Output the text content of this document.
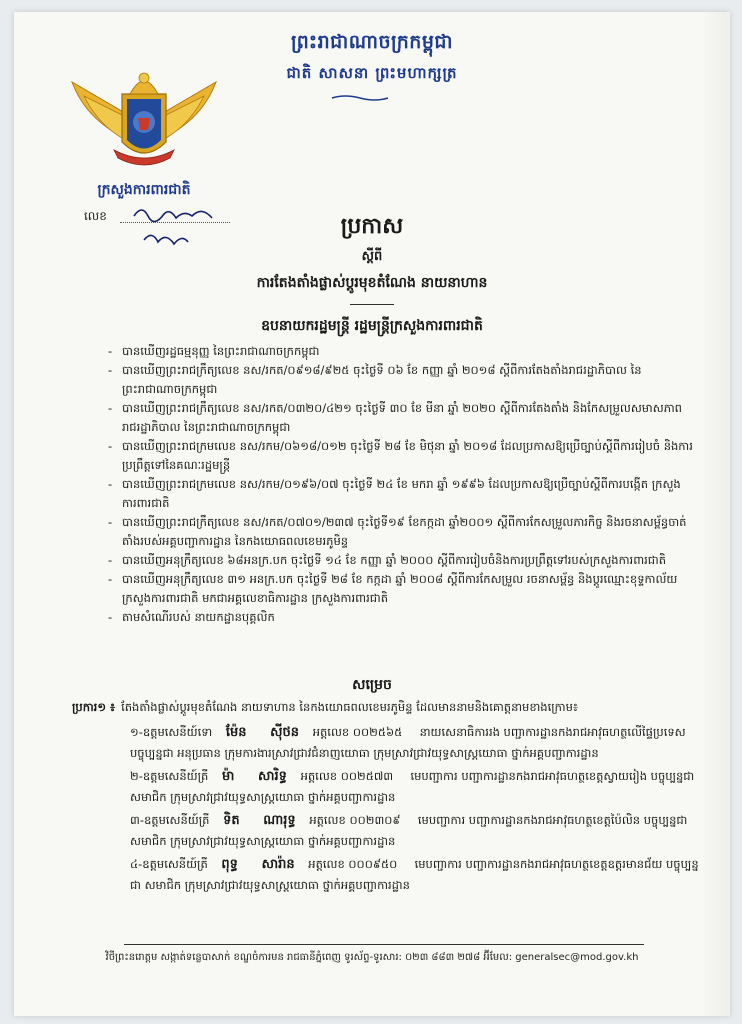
ព្រះរាជាណាចក្រកម្ពុជា
ជាតិ សាសនា ព្រះមហាក្សត្រ
ក្រសួងការពារជាតិ
លេខ	ប្រកាស
ស្តីពី
ការតែងតាំងផ្លាស់ប្តូរមុខតំណែង នាយនាហាន
ឧបនាយករដ្ឋមន្ត្រី រដ្ឋមន្ត្រីក្រសួងការពារជាតិ
- បានឃើញរដ្ឋធម្មនុញ្ញ នៃព្រះរាជាណាចក្រកម្ពុជា
- បានឃើញព្រះរាជក្រឹត្យលេខ នស/រកត/០៩១៨/៩២៥ ចុះថ្ងៃទី ០៦ ខែ កញ្ញា ឆ្នាំ ២០១៨ ស្តីពីការតែងតាំងរាជរដ្ឋាភិបាល នៃព្រះរាជាណាចក្រកម្ពុជា
- បានឃើញព្រះរាជក្រឹត្យលេខ នស/រកត/០៣២០/៤២១ ចុះថ្ងៃទី ៣០ ខែ មីនា ឆ្នាំ ២០២០ ស្តីពីការតែងតាំង និងកែសម្រួលសមាសភាពរាជរដ្ឋាភិបាល នៃព្រះរាជាណាចក្រកម្ពុជា
- បានឃើញព្រះរាជក្រមលេខ នស/រកម/០៦១៨/០១២ ចុះថ្ងៃទី ២៨ ខែ មិថុនា ឆ្នាំ ២០១៨ ដែលប្រកាសឱ្យប្រើច្បាប់ស្តីពីការរៀបចំ និងការប្រព្រឹត្តទៅនៃគណៈរដ្ឋមន្ត្រី
- បានឃើញព្រះរាជក្រមលេខ នស/រកម/០១៩៦/០៧ ចុះថ្ងៃទី ២៤ ខែ មករា ឆ្នាំ ១៩៩៦ ដែលប្រកាសឱ្យប្រើច្បាប់ស្តីពីការបង្កើត ក្រសួងការពារជាតិ
- បានឃើញព្រះរាជក្រឹត្យលេខ នស/រកត/០៧០១/២៣៧ ចុះថ្ងៃទី១៩ ខែកក្កដា ឆ្នាំ២០០១ ស្តីពីការកែសម្រួលភារកិច្ច និងរចនាសម្ព័ន្ធចាត់តាំងរបស់អគ្គបញ្ជាការដ្ឋាន នៃកងយោធពលខេមរភូមិន្ទ
- បានឃើញអនុក្រឹត្យលេខ ៦៨អនក្រ.បក ចុះថ្ងៃទី ១៤ ខែ កញ្ញា ឆ្នាំ ២០០០ ស្តីពីការរៀបចំនិងការប្រព្រឹត្តទៅរបស់ក្រសួងការពារជាតិ
- បានឃើញអនុក្រឹត្យលេខ ៣១ អនក្រ.បក ចុះថ្ងៃទី ២៨ ខែ កក្កដា ឆ្នាំ ២០០៨ ស្តីពីការកែសម្រួល រចនាសម្ព័ន្ធ និងប្តូរឈ្មោះខុទ្ទកាល័យ ក្រសួងការពារជាតិ មកជាអគ្គលេខាធិការដ្ឋាន ក្រសួងការពារជាតិ
- តាមសំណើរបស់ នាយកដ្ឋានបុគ្គលិក
សម្រេច
ប្រការ១ ៖ តែងតាំងផ្លាស់ប្តូរមុខតំណែង នាយទាហាន នៃកងយោធពលខេមរភូមិន្ទ ដែលមាននាមនិងគោត្តនាមខាងក្រោម៖
១-ឧត្តមសេនីយ៍ទោ ម៉ែន ស៊ីថន អត្តលេខ ០០២៥៦៥ នាយសេនាធិការរង បញ្ជាការដ្ឋានកងរាជអាវុធហត្ថលើផ្ទៃប្រទេស បច្ចុប្បន្នជា អនុប្រធាន ក្រុមការងារស្រាវជ្រាវជំនាញយោធា ក្រុមស្រាវជ្រាវយុទ្ធសាស្ត្រយោធា ថ្នាក់អគ្គបញ្ជាការដ្ឋាន
២-ឧត្តមសេនីយ៍ត្រី ម៉ា សារិទ្ធ អត្តលេខ ០០២៥៧៣ មេបញ្ជាការ បញ្ជាការដ្ឋានកងរាជអាវុធហត្ថខេត្តស្វាយរៀង បច្ចុប្បន្នជា សមាជិក ក្រុមស្រាវជ្រាវយុទ្ធសាស្ត្រយោធា ថ្នាក់អគ្គបញ្ជាការដ្ឋាន
៣-ឧត្តមសេនីយ៍ត្រី ទិត ណារុទ្ធ អត្តលេខ ០០២៣០៩ មេបញ្ជាការ បញ្ជាការដ្ឋានកងរាជអាវុធហត្ថខេត្តប៉ៃលិន បច្ចុប្បន្នជា សមាជិក ក្រុមស្រាវជ្រាវយុទ្ធសាស្ត្រយោធា ថ្នាក់អគ្គបញ្ជាការដ្ឋាន
៤-ឧត្តមសេនីយ៍ត្រី ពុទ្ធ សារ៉ាន អត្តលេខ ០០០៩៥០ មេបញ្ជាការ បញ្ជាការដ្ឋានកងរាជអាវុធហត្ថខេត្តឧត្តរមានជ័យ បច្ចុប្បន្នជា សមាជិក ក្រុមស្រាវជ្រាវយុទ្ធសាស្ត្រយោធា ថ្នាក់អគ្គបញ្ជាការដ្ឋាន
វិថីព្រះនរោត្តម សង្កាត់ទន្លេបាសាក់ ខណ្ឌចំការមន រាជធានីភ្នំពេញ ទូរស័ព្ទ-ទូរសារ: ០២៣ ៨៨៣ ២៧៨ អ៊ីមែល: generalsec@mod.gov.kh
